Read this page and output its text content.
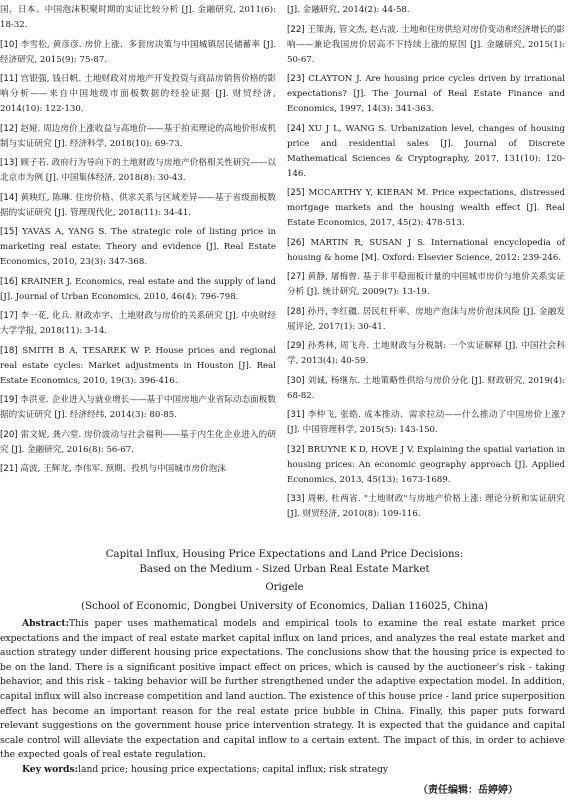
国、日本、中国泡沫积聚时期的实证比较分析 [J]. 金融研究, 2011(6): 18-32.

[10] 李雪松, 黄彦彦. 房价上涨、多套房决策与中国城镇居民储蓄率 [J]. 经济研究, 2015(9): 75-87.

[11] 宫银强, 钱日帆. 土地财政对房地产开发投资与商品房销售价格的影响分析——来自中国地级市面板数据的经验证据 [J]. 财贸经济, 2014(10): 122-130.

[12] 赵娅. 周边房价上涨收益与高地价——基于拍卖理论的高地价形成机制与实证研究 [J]. 经济科学, 2018(10): 69-73.

[13] 顾子若. 政府行为导向下的土地财政与房地产价格相关性研究——以北京市为例 [J]. 中国集体经济, 2018(8): 30-43.

[14] 黄映红, 陈琳. 住房价格、供求关系与区域差异——基于省级面板数据的实证研究 [J]. 管理现代化, 2018(11): 34-41.

[15] YAVAS A, YANG S. The strategic role of listing price in marketing real estate: Theory and evidence [J]. Real Estate Economics, 2010, 23(3): 347-368.

[16] KRAINER J. Economics, real estate and the supply of land [J]. Journal of Urban Economics, 2010, 46(4): 796-798.

[17] 李一花, 化兵. 财政赤字、土地财政与房价的关系研究 [J]. 中央财经大学学报, 2018(11): 3-14.

[18] SMITH B A, TESAREK W P. House prices and regional real estate cycles: Market adjustments in Houston [J]. Real Estate Economics, 2010, 19(3): 396-416.

[19] 李洪亚. 企业进入与就业增长——基于中国房地产业省际动态面板数据的实证研究 [J]. 经济经纬, 2014(3): 80-85.

[20] 雷文妮, 龚六堂. 房价波动与社会福利——基于内生化企业进入的研究 [J]. 金融研究, 2016(8): 56-67.

[21] 高波, 王辉龙, 李伟军. 预期、投机与中国城市房价泡沫

[J]. 金融研究, 2014(2): 44-58.

[22] 王策海, 管文杰, 赵占波. 土地和住房供给对房价变动和经济增长的影响——兼论我国房价居高不下持续上涨的原因 [J]. 金融研究, 2015(1): 50-67.

[23] CLAYTON J. Are housing price cycles driven by irrational expectations? [J]. The Journal of Real Estate Finance and Economics, 1997, 14(3): 341-363.

[24] XU J L, WANG S. Urbanization level, changes of housing price and residential sales [J]. Journal of Discrete Mathematical Sciences & Cryptography, 2017, 131(10): 120-146.

[25] MCCARTHY Y, KIERAN M. Price expectations, distressed mortgage markets and the housing wealth effect [J]. Real Estate Economics, 2017, 45(2): 478-513.

[26] MARTIN R, SUSAN J S. International encyclopedia of housing & home [M]. Oxford: Elsevier Science, 2012: 239-246.

[27] 黄静, 屠梅曾. 基于非平稳面板计量的中国城市房价与地价关系实证分析 [J]. 统计研究, 2009(7): 13-19.

[28] 孙丹, 李红疆. 居民杠杆率、房地产泡沫与房价泡沫风险 [J]. 金融发展评论, 2017(1): 30-41.

[29] 孙秀林, 周飞舟. 土地财政与分税制: 一个实证解释 [J]. 中国社会科学, 2013(4): 40-59.

[30] 刘诚, 杨继东. 土地策略性供给与房价分化 [J]. 财政研究, 2019(4): 68-82.

[31] 李仲飞, 张皓. 成本推动、需求拉动——什么推动了中国房价上涨? [J]. 中国管理科学, 2015(5): 143-150.

[32] BRUYNE K D, HOVE J V. Explaining the spatial variation in housing prices: An economic geography approach [J]. Applied Economics, 2013, 45(13): 1673-1689.

[33] 周彬, 杜两省. "土地财政"与房地产价格上涨: 理论分析和实证研究 [J]. 财贸经济, 2010(8): 109-116.

Capital Influx, Housing Price Expectations and Land Price Decisions:

Based on the Medium - Sized Urban Real Estate Market

Origele

(School of Economic, Dongbei University of Economics, Dalian 116025, China)

Abstract:This paper uses mathematical models and empirical tools to examine the real estate market price expectations and the impact of real estate market capital influx on land prices, and analyzes the real estate market and auction strategy under different housing price expectations. The conclusions show that the housing price is expected to be on the land. There is a significant positive impact effect on prices, which is caused by the auctioneer's risk - taking behavior, and this risk - taking behavior will be further strengthened under the adaptive expectation model. In addition, capital influx will also increase competition and land auction. The existence of this house price - land price superposition effect has become an important reason for the real estate price bubble in China. Finally, this paper puts forward relevant suggestions on the government house price intervention strategy. It is expected that the guidance and capital scale control will alleviate the expectation and capital inflow to a certain extent. The impact of this, in order to achieve the expected goals of real estate regulation.

Key words:land price; housing price expectations; capital influx; risk strategy

（责任编辑：岳婷婷）
